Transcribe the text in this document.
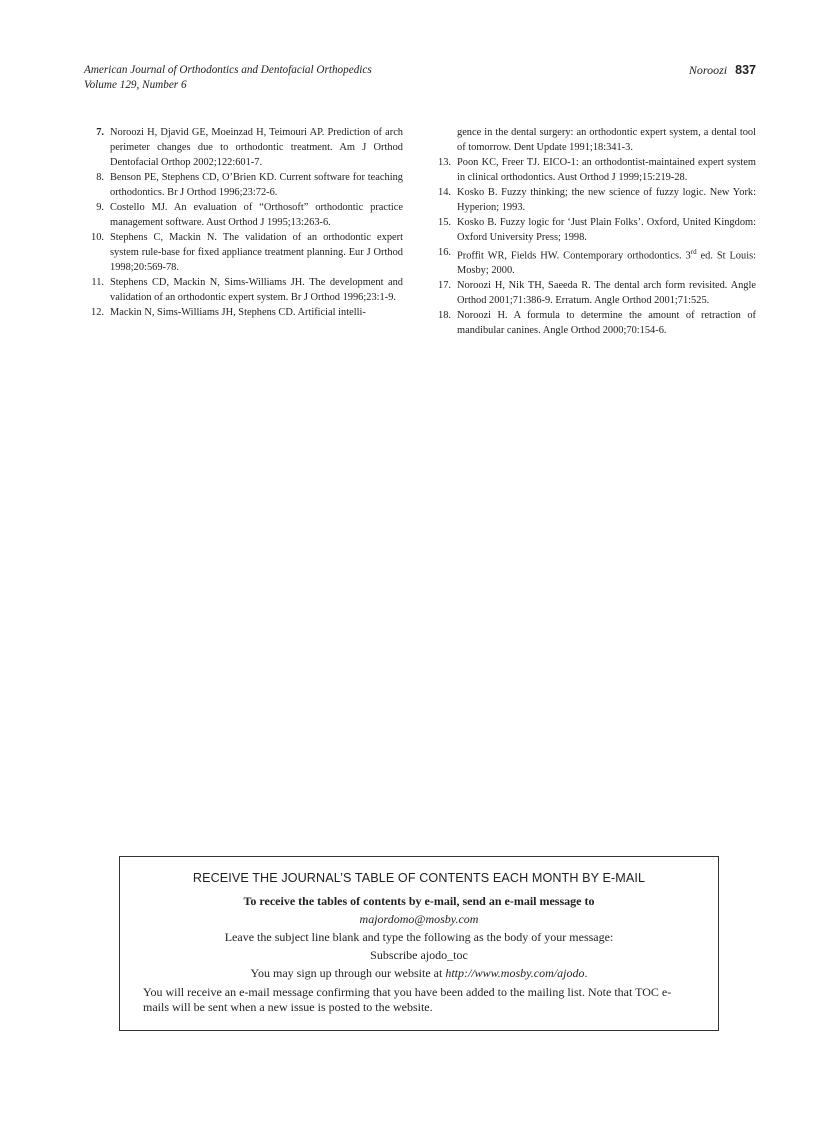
American Journal of Orthodontics and Dentofacial Orthopedics
Volume 129, Number 6
Noroozi 837
7. Noroozi H, Djavid GE, Moeinzad H, Teimouri AP. Prediction of arch perimeter changes due to orthodontic treatment. Am J Orthod Dentofacial Orthop 2002;122:601-7.
8. Benson PE, Stephens CD, O’Brien KD. Current software for teaching orthodontics. Br J Orthod 1996;23:72-6.
9. Costello MJ. An evaluation of “Orthosoft” orthodontic practice management software. Aust Orthod J 1995;13:263-6.
10. Stephens C, Mackin N. The validation of an orthodontic expert system rule-base for fixed appliance treatment planning. Eur J Orthod 1998;20:569-78.
11. Stephens CD, Mackin N, Sims-Williams JH. The development and validation of an orthodontic expert system. Br J Orthod 1996;23:1-9.
12. Mackin N, Sims-Williams JH, Stephens CD. Artificial intelli-
gence in the dental surgery: an orthodontic expert system, a dental tool of tomorrow. Dent Update 1991;18:341-3.
13. Poon KC, Freer TJ. EICO-1: an orthodontist-maintained expert system in clinical orthodontics. Aust Orthod J 1999;15:219-28.
14. Kosko B. Fuzzy thinking; the new science of fuzzy logic. New York: Hyperion; 1993.
15. Kosko B. Fuzzy logic for ‘Just Plain Folks’. Oxford, United Kingdom: Oxford University Press; 1998.
16. Proffit WR, Fields HW. Contemporary orthodontics. 3rd ed. St Louis: Mosby; 2000.
17. Noroozi H, Nik TH, Saeeda R. The dental arch form revisited. Angle Orthod 2001;71:386-9. Erratum. Angle Orthod 2001;71:525.
18. Noroozi H. A formula to determine the amount of retraction of mandibular canines. Angle Orthod 2000;70:154-6.
RECEIVE THE JOURNAL’S TABLE OF CONTENTS EACH MONTH BY E-MAIL
To receive the tables of contents by e-mail, send an e-mail message to
majordomo@mosby.com
Leave the subject line blank and type the following as the body of your message:
Subscribe ajodo_toc
You may sign up through our website at http://www.mosby.com/ajodo.
You will receive an e-mail message confirming that you have been added to the mailing list. Note that TOC e-mails will be sent when a new issue is posted to the website.
